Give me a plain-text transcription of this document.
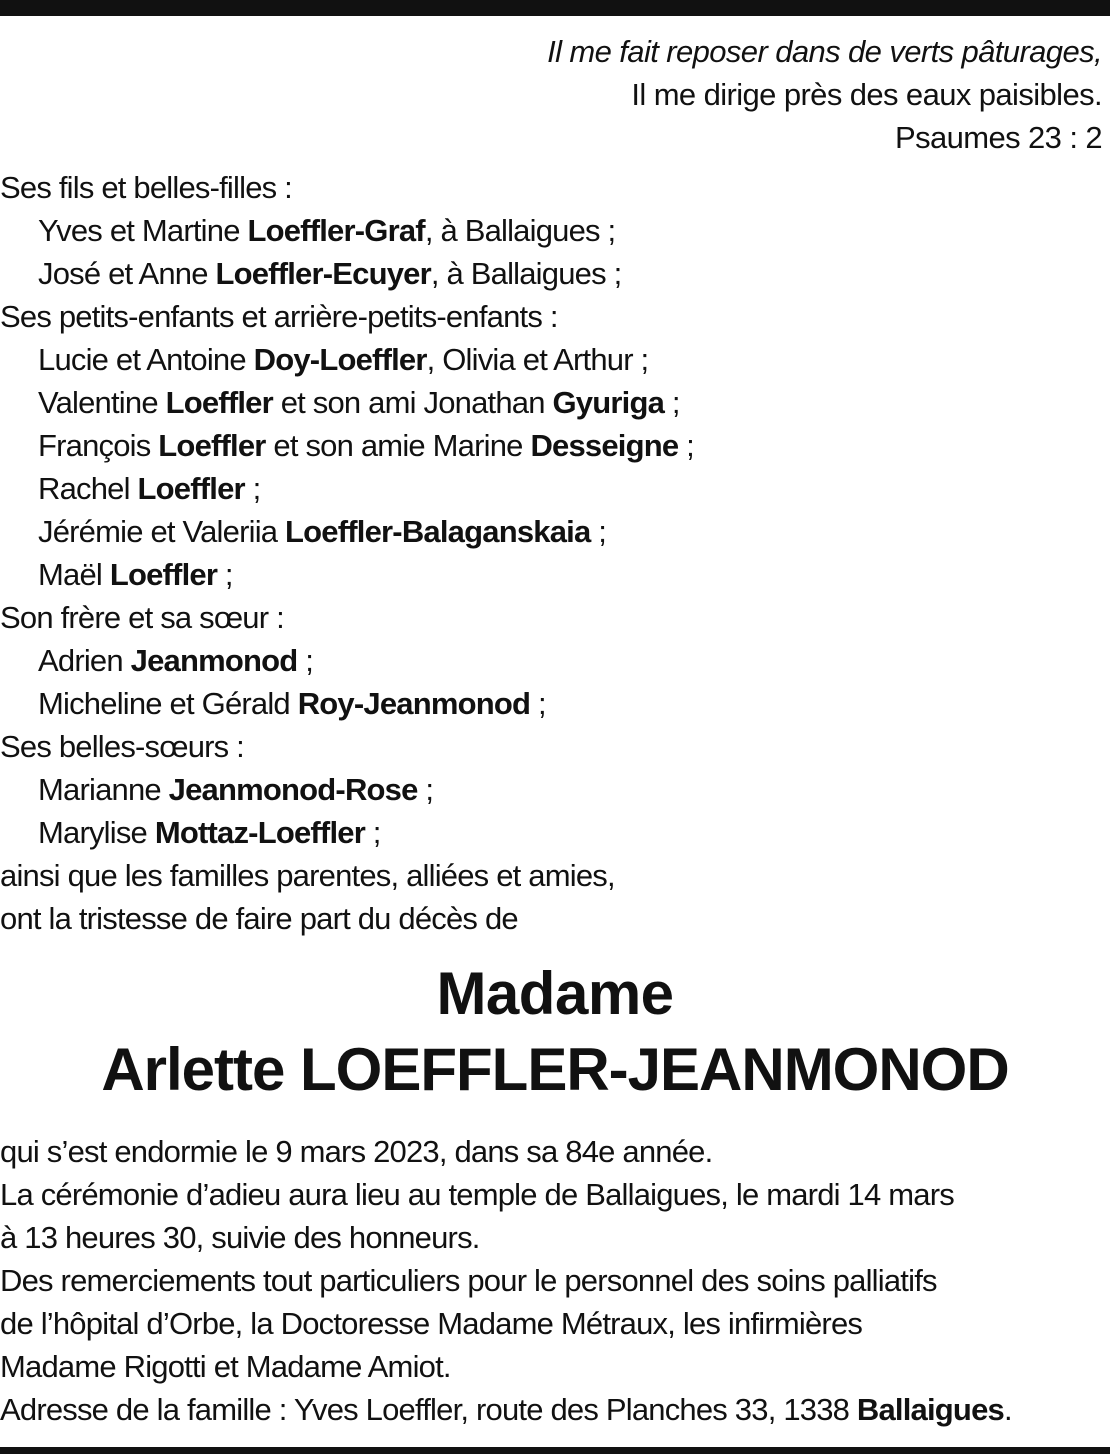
Il me fait reposer dans de verts pâturages,
Il me dirige près des eaux paisibles.
Psaumes 23 : 2
Ses fils et belles-filles :
Yves et Martine Loeffler-Graf, à Ballaigues ;
José et Anne Loeffler-Ecuyer, à Ballaigues ;
Ses petits-enfants et arrière-petits-enfants :
Lucie et Antoine Doy-Loeffler, Olivia et Arthur ;
Valentine Loeffler et son ami Jonathan Gyuriga ;
François Loeffler et son amie Marine Desseigne ;
Rachel Loeffler ;
Jérémie et Valeriia Loeffler-Balaganskaia ;
Maël Loeffler ;
Son frère et sa sœur :
Adrien Jeanmonod ;
Micheline et Gérald Roy-Jeanmonod ;
Ses belles-sœurs :
Marianne Jeanmonod-Rose ;
Marylise Mottaz-Loeffler ;
ainsi que les familles parentes, alliées et amies,
ont la tristesse de faire part du décès de
Madame
Arlette LOEFFLER-JEANMONOD
qui s’est endormie le 9 mars 2023, dans sa 84e année.
La cérémonie d’adieu aura lieu au temple de Ballaigues, le mardi 14 mars
à 13 heures 30, suivie des honneurs.
Des remerciements tout particuliers pour le personnel des soins palliatifs
de l’hôpital d’Orbe, la Doctoresse Madame Métraux, les infirmières
Madame Rigotti et Madame Amiot.
Adresse de la famille : Yves Loeffler, route des Planches 33, 1338 Ballaigues.
